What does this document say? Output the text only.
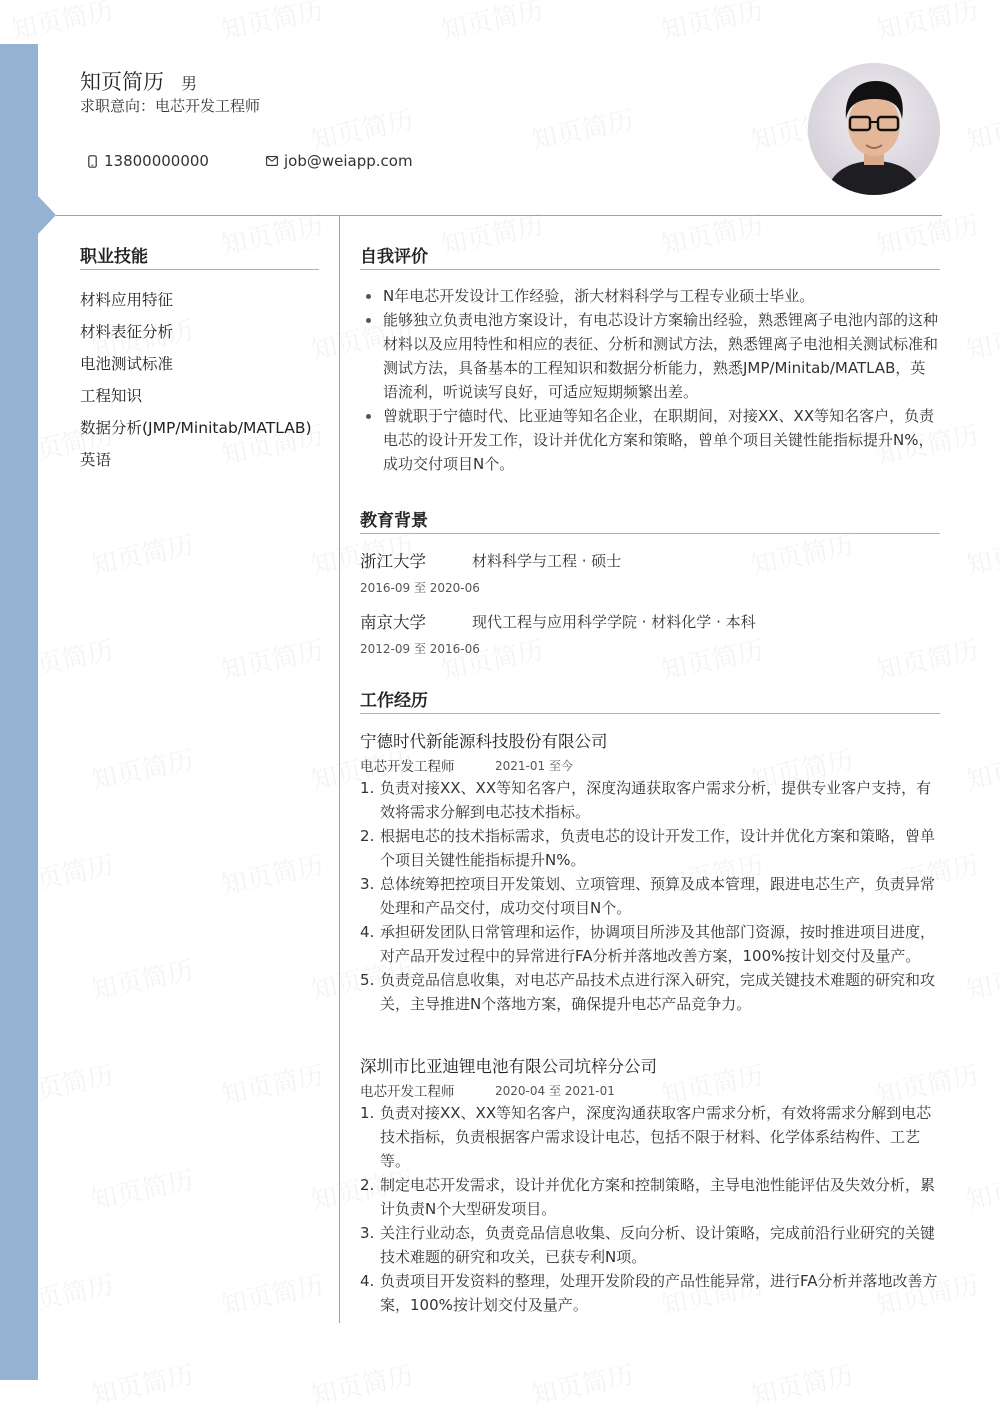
知页简历 男
求职意向：电芯开发工程师
13800000000	job@weiapp.com
职业技能
材料应用特征
材料表征分析
电池测试标准
工程知识
数据分析(JMP/Minitab/MATLAB)
英语
自我评价
N年电芯开发设计工作经验，浙大材料科学与工程专业硕士毕业。
能够独立负责电池方案设计，有电芯设计方案输出经验，熟悉锂离子电池内部的这种材料以及应用特性和相应的表征、分析和测试方法，熟悉锂离子电池相关测试标准和测试方法，具备基本的工程知识和数据分析能力，熟悉JMP/Minitab/MATLAB，英语流利，听说读写良好，可适应短期频繁出差。
曾就职于宁德时代、比亚迪等知名企业，在职期间，对接XX、XX等知名客户，负责电芯的设计开发工作，设计并优化方案和策略，曾单个项目关键性能指标提升N%，成功交付项目N个。
教育背景
浙江大学	材料科学与工程 · 硕士
2016-09 至 2020-06
南京大学	现代工程与应用科学学院 · 材料化学 · 本科
2012-09 至 2016-06
工作经历
宁德时代新能源科技股份有限公司
电芯开发工程师	2021-01 至今
1. 负责对接XX、XX等知名客户，深度沟通获取客户需求分析，提供专业客户支持，有效将需求分解到电芯技术指标。
2. 根据电芯的技术指标需求，负责电芯的设计开发工作，设计并优化方案和策略，曾单个项目关键性能指标提升N%。
3. 总体统筹把控项目开发策划、立项管理、预算及成本管理，跟进电芯生产，负责异常处理和产品交付，成功交付项目N个。
4. 承担研发团队日常管理和运作，协调项目所涉及其他部门资源，按时推进项目进度，对产品开发过程中的异常进行FA分析并落地改善方案，100%按计划交付及量产。
5. 负责竞品信息收集，对电芯产品技术点进行深入研究，完成关键技术难题的研究和攻关，主导推进N个落地方案，确保提升电芯产品竞争力。
深圳市比亚迪锂电池有限公司坑梓分公司
电芯开发工程师	2020-04 至 2021-01
1. 负责对接XX、XX等知名客户，深度沟通获取客户需求分析，有效将需求分解到电芯技术指标，负责根据客户需求设计电芯，包括不限于材料、化学体系结构件、工艺等。
2. 制定电芯开发需求，设计并优化方案和控制策略，主导电池性能评估及失效分析，累计负责N个大型研发项目。
3. 关注行业动态，负责竞品信息收集、反向分析、设计策略，完成前沿行业研究的关键技术难题的研究和攻关，已获专利N项。
4. 负责项目开发资料的整理，处理开发阶段的产品性能异常，进行FA分析并落地改善方案，100%按计划交付及量产。
